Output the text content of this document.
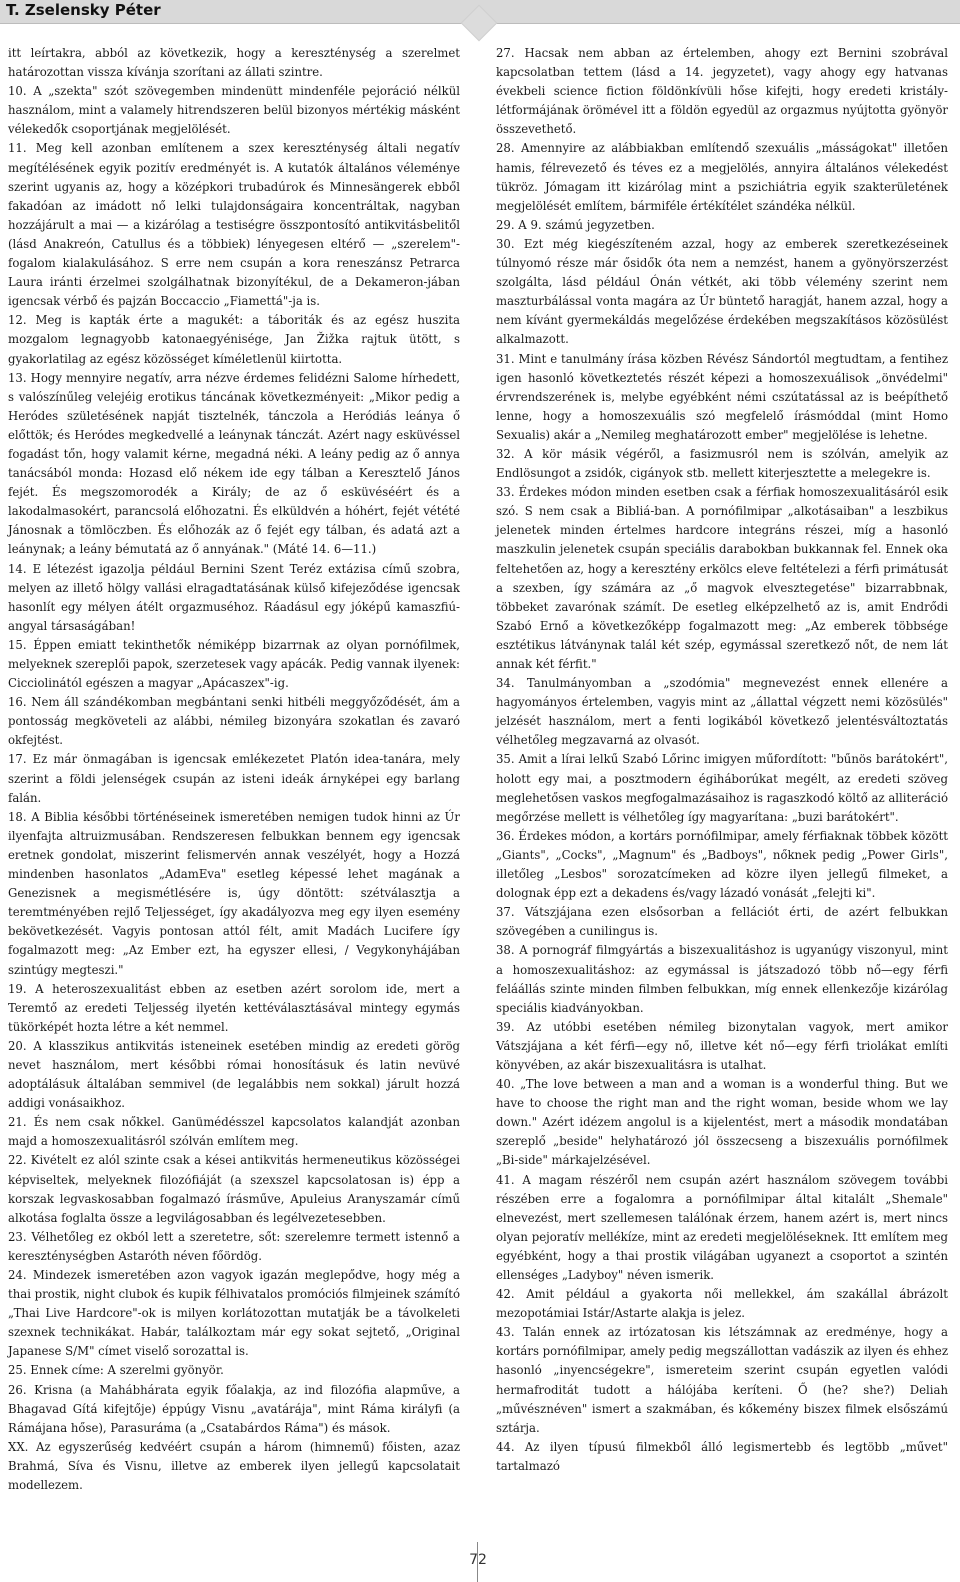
T. Zselensky Péter

itt leírtakra, abból az következik, hogy a kereszténység a szerelmet határozottan vissza kívánja szorítani az állati szintre.

10. A „szekta" szót szövegemben mindenütt mindenféle pejoráció nélkül használom, mint a valamely hitrendszeren belül bizonyos mértékig másként vélekedők csoportjának megjelölését.

11. Meg kell azonban említenem a szex kereszténység általi negatív megítélésének egyik pozitív eredményét is. A kutatók általános véleménye szerint ugyanis az, hogy a középkori trubadúrok és Minnesängerek ebből fakadóan az imádott nő lelki tulajdonságaira koncentráltak, nagyban hozzájárult a mai — a kizárólag a testiségre összpontosító antikvitásbelitől (lásd Anakreón, Catullus és a többiek) lényegesen eltérő — „szerelem"-fogalom kialakulásához. S erre nem csupán a kora reneszánsz Petrarca Laura iránti érzelmei szolgálhatnak bizonyítékul, de a Dekameron-jában igencsak vérbő és pajzán Boccaccio „Fiamettá"-ja is.

12. Meg is kapták érte a magukét: a táboriták és az egész huszita mozgalom legnagyobb katonaegyénisége, Jan Žižka rajtuk ütött, s gyakorlatilag az egész közösséget kíméletlenül kiirtotta.

13. Hogy mennyire negatív, arra nézve érdemes felidézni Salome hírhedett, s valószínűleg velejéig erotikus táncának következményeit: „Mikor pedig a Heródes születésének napját tisztelnék, tánczola a Heródiás leánya ő előttök; és Heródes megkedvellé a leánynak tánczát. Azért nagy esküvéssel fogadást tőn, hogy valamit kérne, megadná néki. A leány pedig az ő annya tanácsából monda: Hozasd elő nékem ide egy tálban a Keresztelő János fejét. És megszomorodék a Király; de az ő esküvéséért és a lakodalmasokért, parancsolá előhozatni. És elküldvén a hóhért, fejét vétété Jánosnak a tömlöczben. És előhozák az ő fejét egy tálban, és adatá azt a leánynak; a leány bémutatá az ő annyának." (Máté 14. 6—11.)

14. E létezést igazolja például Bernini Szent Teréz extázisa című szobra, melyen az illető hölgy vallási elragadtatásának külső kifejeződése igencsak hasonlít egy mélyen átélt orgazmuséhoz. Ráadásul egy jóképű kamaszfiú-angyal társaságában!

15. Éppen emiatt tekinthetők némiképp bizarrnak az olyan pornófilmek, melyeknek szereplői papok, szerzetesek vagy apácák. Pedig vannak ilyenek: Cicciolinától egészen a magyar „Apácaszex"-ig.

16. Nem áll szándékomban megbántani senki hitbéli meggyőződését, ám a pontosság megköveteli az alábbi, némileg bizonyára szokatlan és zavaró okfejtést.

17. Ez már önmagában is igencsak emlékezetet Platón idea-tanára, mely szerint a földi jelenségek csupán az isteni ideák árnyképei egy barlang falán.

18. A Biblia későbbi történéseinek ismeretében nemigen tudok hinni az Úr ilyenfajta altruizmusában. Rendszeresen felbukkan bennem egy igencsak eretnek gondolat, miszerint felismervén annak veszélyét, hogy a Hozzá mindenben hasonlatos „AdamEva" esetleg képessé lehet magának a Genezisnek a megismétlésére is, úgy döntött: szétválasztja a teremtményében rejlő Teljességet, így akadályozva meg egy ilyen esemény bekövetkezését. Vagyis pontosan attól félt, amit Madách Lucifere így fogalmazott meg: „Az Ember ezt, ha egyszer ellesi, / Vegykonyhájában szintúgy megteszi."

19. A heteroszexualitást ebben az esetben azért sorolom ide, mert a Teremtő az eredeti Teljesség ilyetén kettéválasztásával mintegy egymás tükörképét hozta létre a két nemmel.

20. A klasszikus antikvitás isteneinek esetében mindig az eredeti görög nevet használom, mert későbbi római honosításuk és latin nevüvé adoptálásuk általában semmivel (de legalábbis nem sokkal) járult hozzá addigi vonásaikhoz.

21. És nem csak nőkkel. Ganümédésszel kapcsolatos kalandját azonban majd a homoszexualitásról szólván említem meg.

22. Kivételt ez alól szinte csak a kései antikvitás hermeneutikus közösségei képviseltek, melyeknek filozófiáját (a szexszel kapcsolatosan is) épp a korszak legvaskosabban fogalmazó írásműve, Apuleius Aranyszamár című alkotása foglalta össze a legvilágosabban és legélvezetesebben.

23. Vélhetőleg ez okból lett a szeretetre, sőt: szerelemre termett istennő a kereszténységben Astaróth néven főördög.

24. Mindezek ismeretében azon vagyok igazán meglepődve, hogy még a thai prostik, night clubok és kupik félhivatalos promóciós filmjeinek számító „Thai Live Hardcore"-ok is milyen korlátozottan mutatják be a távolkeleti szexnek technikákat. Habár, találkoztam már egy sokat sejtető, „Original Japanese S/M" címet viselő sorozattal is.

25. Ennek címe: A szerelmi gyönyör.

26. Krisna (a Mahábhárata egyik főalakja, az ind filozófia alapműve, a Bhagavad Gítá kifejtője) éppúgy Visnu „avatárája", mint Ráma királyfi (a Rámájana hőse), Parasuráma (a „Csatabárdos Ráma") és mások.

XX. Az egyszerűség kedvéért csupán a három (himnemű) főisten, azaz Brahmá, Síva és Visnu, illetve az emberek ilyen jellegű kapcsolatait modellezem.

27. Hacsak nem abban az értelemben, ahogy ezt Bernini szobrával kapcsolatban tettem (lásd a 14. jegyzetet), vagy ahogy egy hatvanas évekbeli science fiction földönkívüli hőse kifejti, hogy eredeti kristály-létformájának örömével itt a földön egyedül az orgazmus nyújtotta gyönyör összevethető.

28. Amennyire az alábbiakban említendő szexuális „másságokat" illetően hamis, félrevezető és téves ez a megjelölés, annyira általános vélekedést tükröz. Jómagam itt kizárólag mint a pszichiátria egyik szakterületének megjelölését említem, bármiféle értékítélet szándéka nélkül.

29. A 9. számú jegyzetben.

30. Ezt még kiegészíteném azzal, hogy az emberek szeretkezéseinek túlnyomó része már ősidők óta nem a nemzést, hanem a gyönyörszerzést szolgálta, lásd például Ónán vétkét, aki több vélemény szerint nem maszturbálással vonta magára az Úr büntető haragját, hanem azzal, hogy a nem kívánt gyermekáldás megelőzése érdekében megszakításos közösülést alkalmazott.

31. Mint e tanulmány írása közben Révész Sándortól megtudtam, a fentihez igen hasonló következtetés részét képezi a homoszexuálisok „önvédelmi" érvrendszerének is, melybe egyébként némi cszútatással az is beépíthető lenne, hogy a homoszexuális szó megfelelő írásmóddal (mint Homo Sexualis) akár a „Nemileg meghatározott ember" megjelölése is lehetne.

32. A kör másik végéről, a fasizmusról nem is szólván, amelyik az Endlösungot a zsidók, cigányok stb. mellett kiterjesztette a melegekre is.

33. Érdekes módon minden esetben csak a férfiak homoszexualitásáról esik szó. S nem csak a Bibliá-ban. A pornófilmipar „alkotásaiban" a leszbikus jelenetek minden értelmes hardcore integráns részei, míg a hasonló maszkulin jelenetek csupán speciális darabokban bukkannak fel. Ennek oka feltehetően az, hogy a keresztény erkölcs eleve feltételezi a férfi primátusát a szexben, így számára az „ő magvok elvesztegetése" bizarrabbnak, többeket zavarónak számít. De esetleg elképzelhető az is, amit Endrődi Szabó Ernő a következőképp fogalmazott meg: „Az emberek többsége esztétikus látványnak talál két szép, egymással szeretkező nőt, de nem lát annak két férfit."

34. Tanulmányomban a „szodómia" megnevezést ennek ellenére a hagyományos értelemben, vagyis mint az „állattal végzett nemi közösülés" jelzését használom, mert a fenti logikából következő jelentésváltoztatás vélhetőleg megzavarná az olvasót.

35. Amit a lírai lelkű Szabó Lőrinc imigyen műfordított: "bűnös barátokért", holott egy mai, a posztmodern égiháborúkat megélt, az eredeti szöveg meglehetősen vaskos megfogalmazásaihoz is ragaszkodó költő az alliteráció megőrzése mellett is vélhetőleg így magyarítana: „buzi barátokért".

36. Érdekes módon, a kortárs pornófilmipar, amely férfiaknak többek között „Giants", „Cocks", „Magnum" és „Badboys", nőknek pedig „Power Girls", illetőleg „Lesbos" sorozatcímeken ad közre ilyen jellegű filmeket, a dolognak épp ezt a dekadens és/vagy lázadó vonását „felejti ki".

37. Vátszjájana ezen elsősorban a fellációt érti, de azért felbukkan szövegében a cunilingus is.

38. A pornográf filmgyártás a biszexualitáshoz is ugyanúgy viszonyul, mint a homoszexualitáshoz: az egymással is játszadozó több nő—egy férfi feláállás szinte minden filmben felbukkan, míg ennek ellenkezője kizárólag speciális kiadványokban.

39. Az utóbbi esetében némileg bizonytalan vagyok, mert amikor Vátszjájana a két férfi—egy nő, illetve két nő—egy férfi triolákat említi könyvében, az akár biszexualitásra is utalhat.

40. „The love between a man and a woman is a wonderful thing. But we have to choose the right man and the right woman, beside whom we lay down." Azért idézem angolul is a kijelentést, mert a második mondatában szereplő „beside" helyhatározó jól összecseng a biszexuális pornófilmek „Bi-side" márkajelzésével.

41. A magam részéről nem csupán azért használom szövegem további részében erre a fogalomra a pornófilmipar által kitalált „Shemale" elnevezést, mert szellemesen találónak érzem, hanem azért is, mert nincs olyan pejoratív mellékíze, mint az eredeti megjelöléseknek. Itt említem meg egyébként, hogy a thai prostik világában ugyanezt a csoportot a szintén ellenséges „Ladyboy" néven ismerik.

42. Amit például a gyakorta női mellekkel, ám szakállal ábrázolt mezopotámiai Istár/Astarte alakja is jelez.

43. Talán ennek az irtózatosan kis létszámnak az eredménye, hogy a kortárs pornófilmipar, amely pedig megszállottan vadászik az ilyen és ehhez hasonló „inyencségekre", ismereteim szerint csupán egyetlen valódi hermafroditát tudott a hálójába keríteni. Ő (he? she?) Deliah „művésznéven" ismert a szakmában, és kőkemény biszex filmek elsőszámú sztárja.

44. Az ilyen típusú filmekből álló legismertebb és legtöbb „művet" tartalmazó

72
